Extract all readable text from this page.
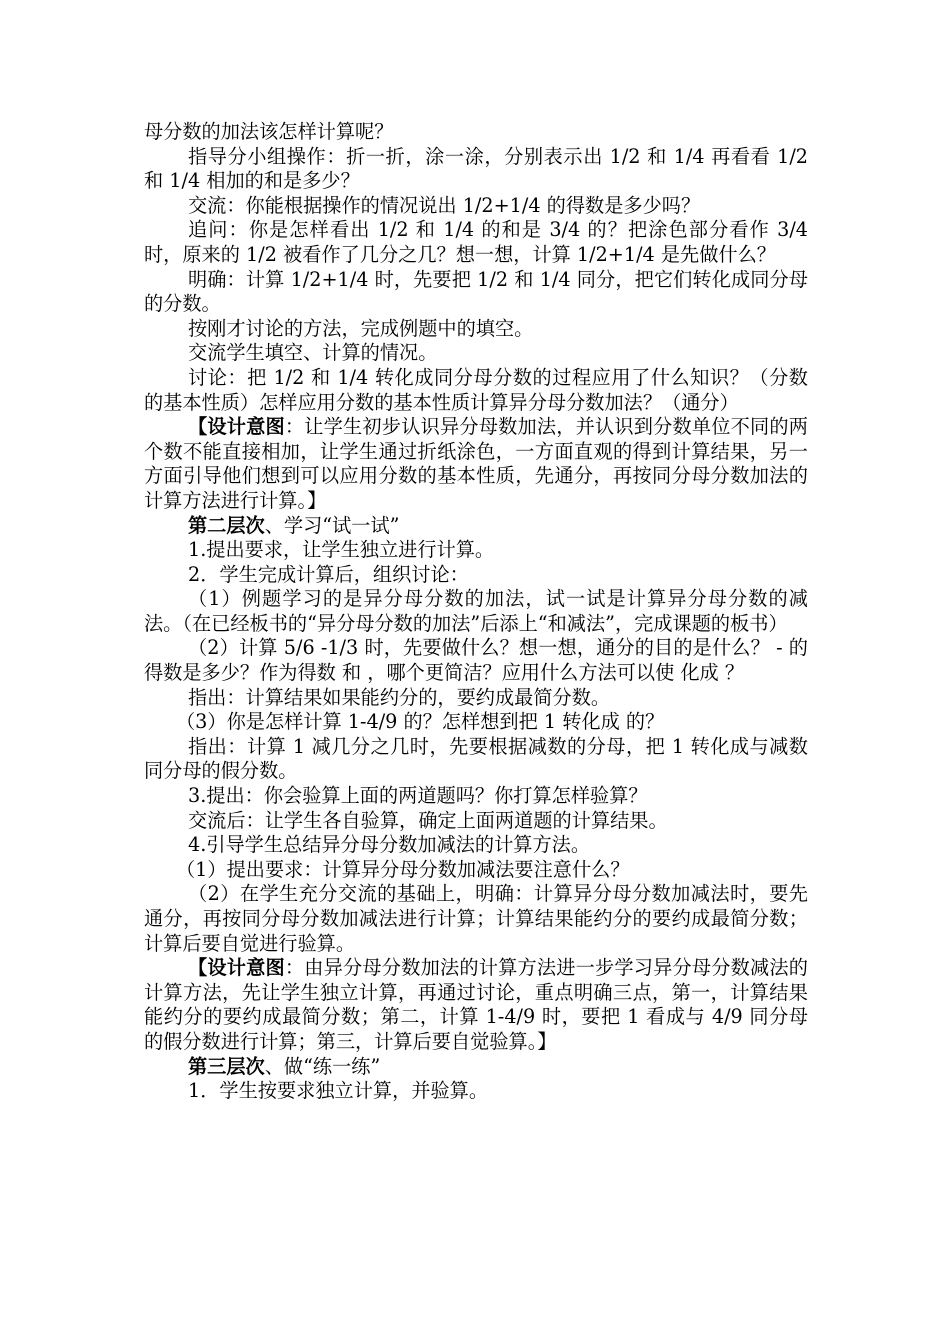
母分数的加法该怎样计算呢？

指导分小组操作：折一折，涂一涂，分别表示出 1/2 和 1/4 再看看 1/2 和 1/4 相加的和是多少？

交流：你能根据操作的情况说出 1/2+1/4 的得数是多少吗？

追问：你是怎样看出 1/2 和 1/4 的和是 3/4 的？把涂色部分看作 3/4 时，原来的 1/2 被看作了几分之几？想一想，计算 1/2+1/4 是先做什么？

明确：计算 1/2+1/4 时，先要把 1/2 和 1/4 同分，把它们转化成同分母的分数。

按刚才讨论的方法，完成例题中的填空。

交流学生填空、计算的情况。

讨论：把 1/2 和 1/4 转化成同分母分数的过程应用了什么知识？（分数的基本性质）怎样应用分数的基本性质计算异分母分数加法？（通分）

【设计意图：让学生初步认识异分母数加法，并认识到分数单位不同的两个数不能直接相加，让学生通过折纸涂色，一方面直观的得到计算结果，另一方面引导他们想到可以应用分数的基本性质，先通分，再按同分母分数加法的计算方法进行计算。】

第二层次、学习“试一试”

1.提出要求，让学生独立进行计算。

2．学生完成计算后，组织讨论：

（1）例题学习的是异分母分数的加法，试一试是计算异分母分数的减法。（在已经板书的“异分母分数的加法”后添上“和减法”，完成课题的板书）

（2）计算 5/6 -1/3 时，先要做什么？想一想，通分的目的是什么？ - 的得数是多少？作为得数 和 ，哪个更简洁？应用什么方法可以使 化成 ？

指出：计算结果如果能约分的，要约成最简分数。

（3）你是怎样计算 1-4/9 的？怎样想到把 1 转化成 的？

指出：计算 1 减几分之几时，先要根据减数的分母，把 1 转化成与减数同分母的假分数。

3.提出：你会验算上面的两道题吗？你打算怎样验算？

交流后：让学生各自验算，确定上面两道题的计算结果。

4.引导学生总结异分母分数加减法的计算方法。

（1）提出要求：计算异分母分数加减法要注意什么？

（2）在学生充分交流的基础上，明确：计算异分母分数加减法时，要先通分，再按同分母分数加减法进行计算；计算结果能约分的要约成最简分数；计算后要自觉进行验算。

【设计意图：由异分母分数加法的计算方法进一步学习异分母分数减法的计算方法，先让学生独立计算，再通过讨论，重点明确三点，第一，计算结果能约分的要约成最简分数；第二，计算 1-4/9 时，要把 1 看成与 4/9 同分母的假分数进行计算；第三，计算后要自觉验算。】

第三层次、做“练一练”

1．学生按要求独立计算，并验算。
